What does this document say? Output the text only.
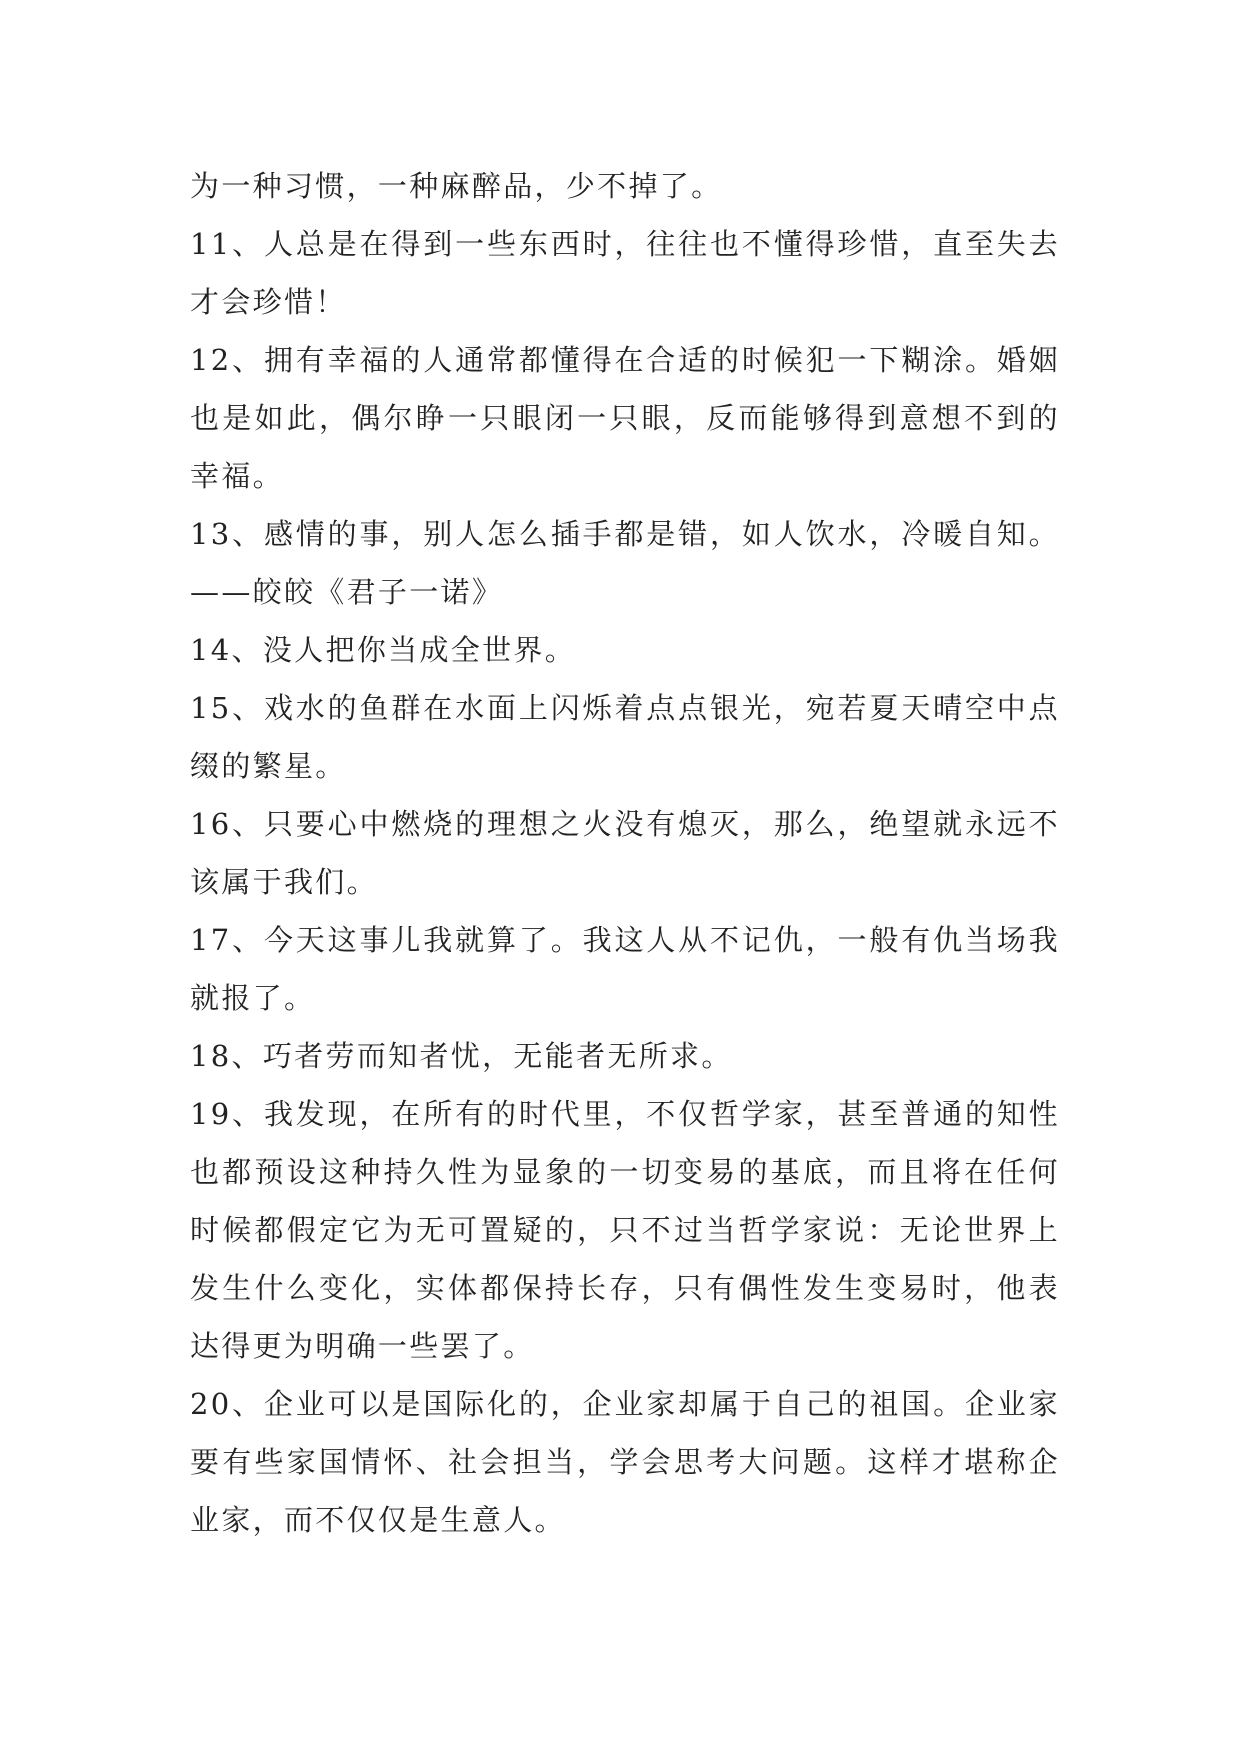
为一种习惯，一种麻醉品，少不掉了。

11、人总是在得到一些东西时，往往也不懂得珍惜，直至失去才会珍惜！

12、拥有幸福的人通常都懂得在合适的时候犯一下糊涂。婚姻也是如此，偶尔睁一只眼闭一只眼，反而能够得到意想不到的幸福。

13、感情的事，别人怎么插手都是错，如人饮水，冷暖自知。——皎皎《君子一诺》

14、没人把你当成全世界。

15、戏水的鱼群在水面上闪烁着点点银光，宛若夏天晴空中点缀的繁星。

16、只要心中燃烧的理想之火没有熄灭，那么，绝望就永远不该属于我们。

17、今天这事儿我就算了。我这人从不记仇，一般有仇当场我就报了。

18、巧者劳而知者忧，无能者无所求。

19、我发现，在所有的时代里，不仅哲学家，甚至普通的知性也都预设这种持久性为显象的一切变易的基底，而且将在任何时候都假定它为无可置疑的，只不过当哲学家说：无论世界上发生什么变化，实体都保持长存，只有偶性发生变易时，他表达得更为明确一些罢了。

20、企业可以是国际化的，企业家却属于自己的祖国。企业家要有些家国情怀、社会担当，学会思考大问题。这样才堪称企业家，而不仅仅是生意人。
